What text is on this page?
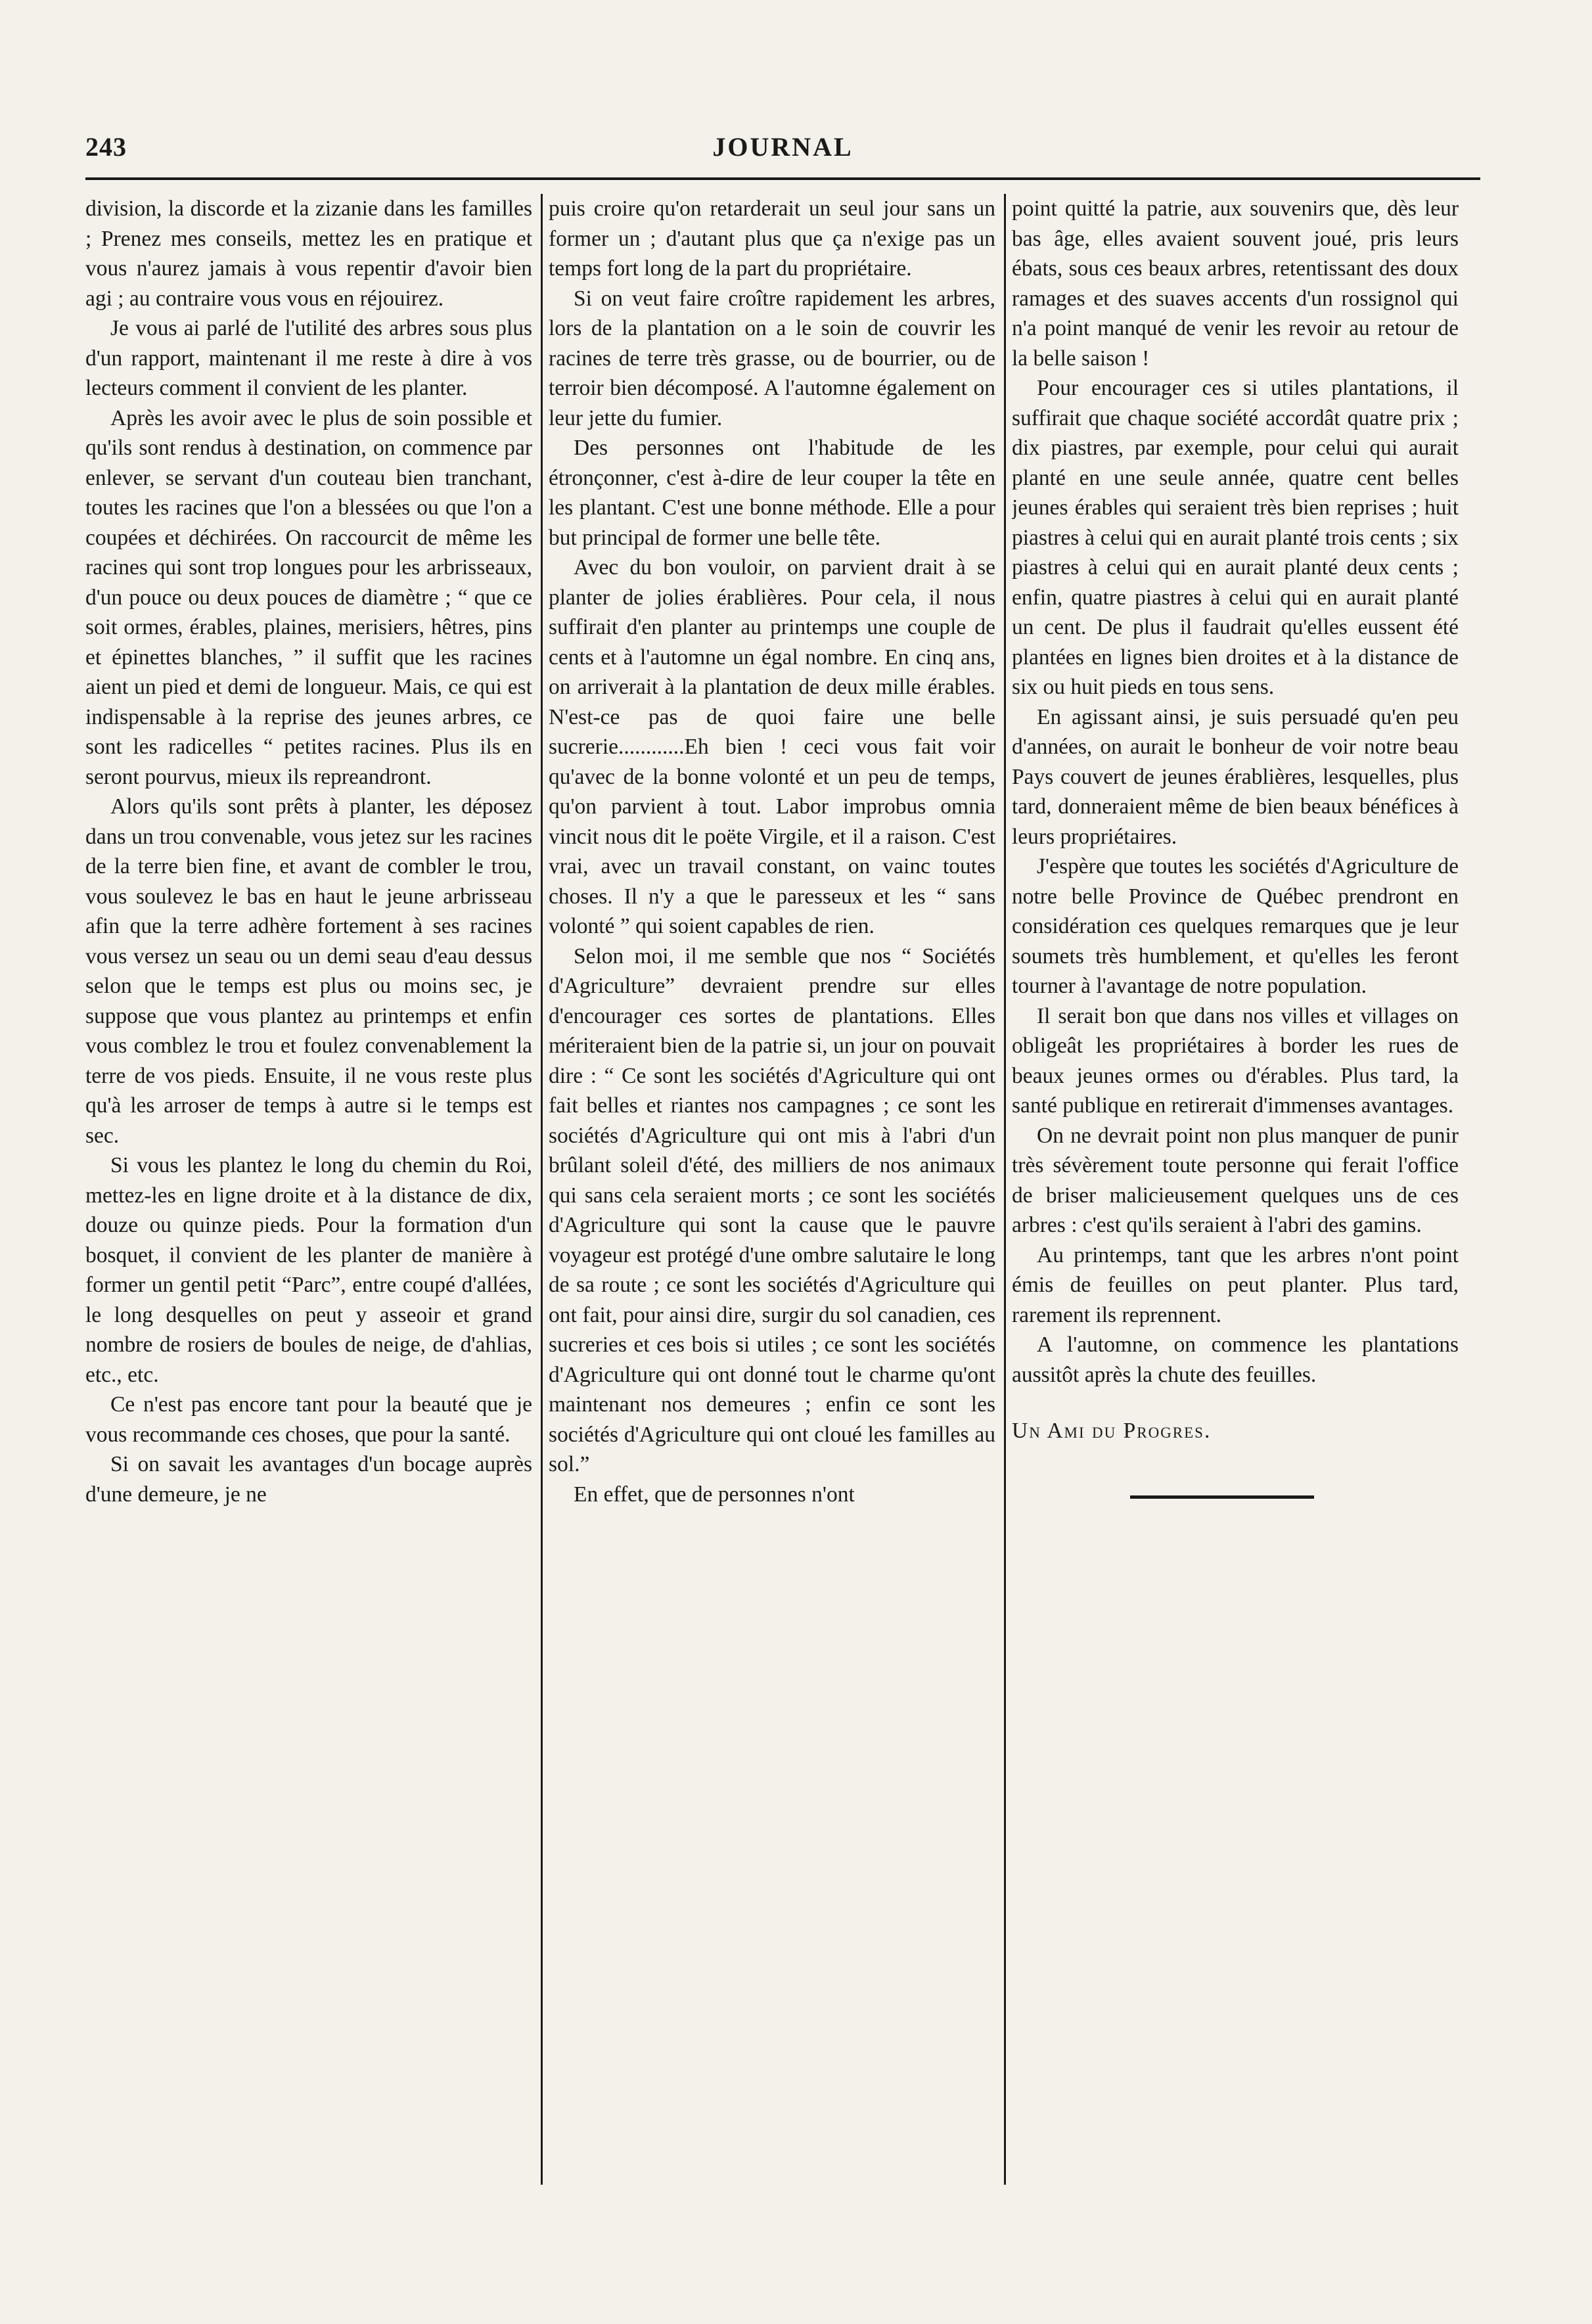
243	JOURNAL

division, la discorde et la zizanie dans les familles ; Prenez mes conseils, mettez les en pratique et vous n'aurez jamais à vous repentir d'avoir bien agi ; au contraire vous vous en réjouirez.

Je vous ai parlé de l'utilité des arbres sous plus d'un rapport, maintenant il me reste à dire à vos lecteurs comment il convient de les planter.

Après les avoir avec le plus de soin possible et qu'ils sont rendus à destination, on commence par enlever, se servant d'un couteau bien tranchant, toutes les racines que l'on a blessées ou que l'on a coupées et déchirées. On raccourcit de même les racines qui sont trop longues pour les arbrisseaux, d'un pouce ou deux pouces de diamètre ; “ que ce soit ormes, érables, plaines, merisiers, hêtres, pins et épinettes blanches, ” il suffit que les racines aient un pied et demi de longueur. Mais, ce qui est indispensable à la reprise des jeunes arbres, ce sont les radicelles “ petites racines. Plus ils en seront pourvus, mieux ils repreandront.

Alors qu'ils sont prêts à planter, les déposez dans un trou convenable, vous jetez sur les racines de la terre bien fine, et avant de combler le trou, vous soulevez le bas en haut le jeune arbrisseau afin que la terre adhère fortement à ses racines vous versez un seau ou un demi seau d'eau dessus selon que le temps est plus ou moins sec, je suppose que vous plantez au printemps et enfin vous comblez le trou et foulez convenablement la terre de vos pieds. Ensuite, il ne vous reste plus qu'à les arroser de temps à autre si le temps est sec.

Si vous les plantez le long du chemin du Roi, mettez-les en ligne droite et à la distance de dix, douze ou quinze pieds. Pour la formation d'un bosquet, il convient de les planter de manière à former un gentil petit “Parc”, entre coupé d'allées, le long desquelles on peut y asseoir et grand nombre de rosiers de boules de neige, de d'ahlias, etc., etc.

Ce n'est pas encore tant pour la beauté que je vous recommande ces choses, que pour la santé.

Si on savait les avantages d'un bocage auprès d'une demeure, je ne

puis croire qu'on retarderait un seul jour sans un former un ; d'autant plus que ça n'exige pas un temps fort long de la part du propriétaire.

Si on veut faire croître rapidement les arbres, lors de la plantation on a le soin de couvrir les racines de terre très grasse, ou de bourrier, ou de terroir bien décomposé. A l'automne également on leur jette du fumier.

Des personnes ont l'habitude de les étronçonner, c'est à-dire de leur couper la tête en les plantant. C'est une bonne méthode. Elle a pour but principal de former une belle tête.

Avec du bon vouloir, on parvient drait à se planter de jolies érablières. Pour cela, il nous suffirait d'en planter au printemps une couple de cents et à l'automne un égal nombre. En cinq ans, on arriverait à la plantation de deux mille érables. N'est-ce pas de quoi faire une belle sucrerie............Eh bien ! ceci vous fait voir qu'avec de la bonne volonté et un peu de temps, qu'on parvient à tout. Labor improbus omnia vincit nous dit le poëte Virgile, et il a raison. C'est vrai, avec un travail constant, on vainc toutes choses. Il n'y a que le paresseux et les “ sans volonté ” qui soient capables de rien.

Selon moi, il me semble que nos “ Sociétés d'Agriculture” devraient prendre sur elles d'encourager ces sortes de plantations. Elles mériteraient bien de la patrie si, un jour on pouvait dire : “ Ce sont les sociétés d'Agriculture qui ont fait belles et riantes nos campagnes ; ce sont les sociétés d'Agriculture qui ont mis à l'abri d'un brûlant soleil d'été, des milliers de nos animaux qui sans cela seraient morts ; ce sont les sociétés d'Agriculture qui sont la cause que le pauvre voyageur est protégé d'une ombre salutaire le long de sa route ; ce sont les sociétés d'Agriculture qui ont fait, pour ainsi dire, surgir du sol canadien, ces sucreries et ces bois si utiles ; ce sont les sociétés d'Agriculture qui ont donné tout le charme qu'ont maintenant nos demeures ; enfin ce sont les sociétés d'Agriculture qui ont cloué les familles au sol.”

En effet, que de personnes n'ont

point quitté la patrie, aux souvenirs que, dès leur bas âge, elles avaient souvent joué, pris leurs ébats, sous ces beaux arbres, retentissant des doux ramages et des suaves accents d'un rossignol qui n'a point manqué de venir les revoir au retour de la belle saison !

Pour encourager ces si utiles plantations, il suffirait que chaque société accordât quatre prix ; dix piastres, par exemple, pour celui qui aurait planté en une seule année, quatre cent belles jeunes érables qui seraient très bien reprises ; huit piastres à celui qui en aurait planté trois cents ; six piastres à celui qui en aurait planté deux cents ; enfin, quatre piastres à celui qui en aurait planté un cent. De plus il faudrait qu'elles eussent été plantées en lignes bien droites et à la distance de six ou huit pieds en tous sens.

En agissant ainsi, je suis persuadé qu'en peu d'années, on aurait le bonheur de voir notre beau Pays couvert de jeunes érablières, lesquelles, plus tard, donneraient même de bien beaux bénéfices à leurs propriétaires.

J'espère que toutes les sociétés d'Agriculture de notre belle Province de Québec prendront en considération ces quelques remarques que je leur soumets très humblement, et qu'elles les feront tourner à l'avantage de notre population.

Il serait bon que dans nos villes et villages on obligeât les propriétaires à border les rues de beaux jeunes ormes ou d'érables. Plus tard, la santé publique en retirerait d'immenses avantages.

On ne devrait point non plus manquer de punir très sévèrement toute personne qui ferait l'office de briser malicieusement quelques uns de ces arbres : c'est qu'ils seraient à l'abri des gamins.

Au printemps, tant que les arbres n'ont point émis de feuilles on peut planter. Plus tard, rarement ils reprennent.

A l'automne, on commence les plantations aussitôt après la chute des feuilles.

Un Ami du Progres.
